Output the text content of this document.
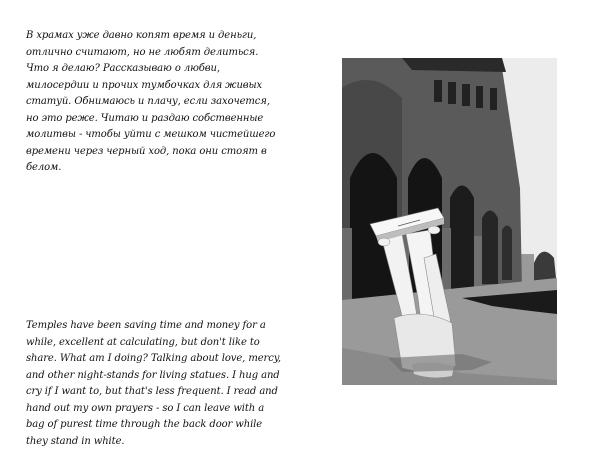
В храмах уже давно копят время и деньги, отлично считают, но не любят делиться. Что я делаю? Рассказываю о любви, милосердии и прочих тумбочках для живых статуй. Обнимаюсь и плачу, если захочется, но это реже. Читаю и раздаю собственные молитвы - чтобы уйти с мешком чистейшего времени через черный ход, пока они стоят в белом.
Temples have been saving time and money for a while, excellent at calculating, but don't like to share. What am I doing? Talking about love, mercy, and other night-stands for living statues. I hug and cry if I want to, but that's less frequent. I read and hand out my own prayers - so I can leave with a bag of purest time through the back door while they stand in white.
